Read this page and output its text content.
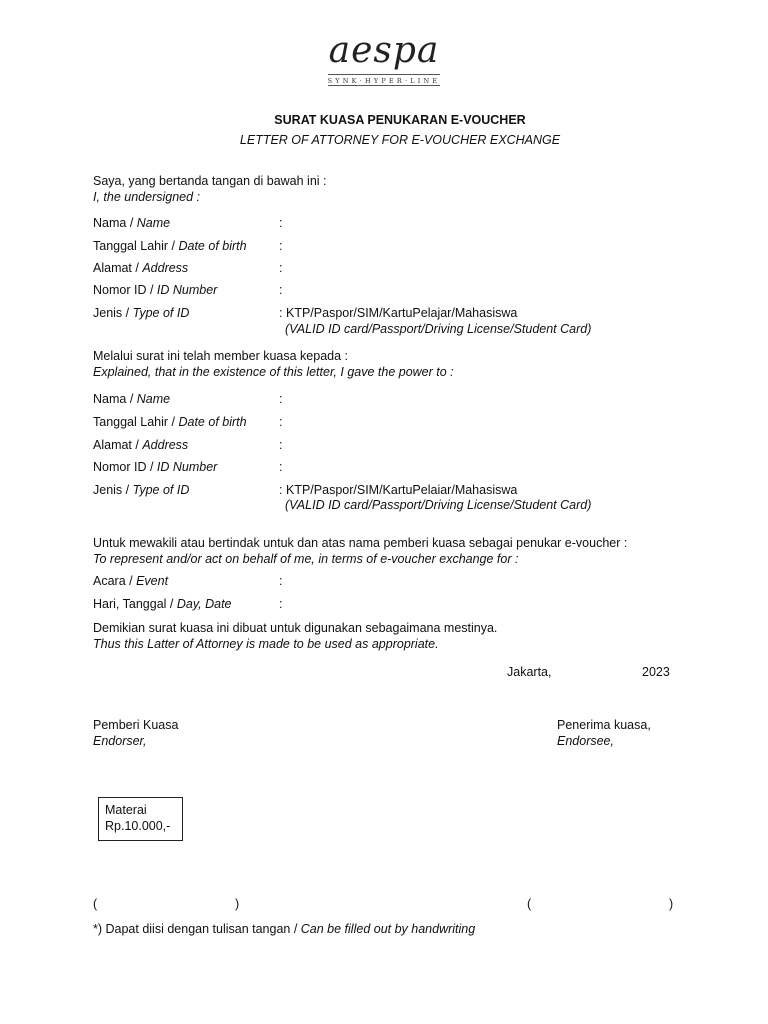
aespa
SYNK·HYPER·LINE
SURAT KUASA PENUKARAN E-VOUCHER
LETTER OF ATTORNEY FOR E-VOUCHER EXCHANGE
Saya, yang bertanda tangan di bawah ini :
I, the undersigned :
Nama / Name	:
Tanggal Lahir / Date of birth	:
Alamat / Address	:
Nomor ID / ID Number	:
Jenis / Type of ID	: KTP/Paspor/SIM/KartuPelajar/Mahasiswa
(VALID ID card/Passport/Driving License/Student Card)
Melalui surat ini telah member kuasa kepada :
Explained, that in the existence of this letter, I gave the power to :
Nama / Name	:
Tanggal Lahir / Date of birth	:
Alamat / Address	:
Nomor ID / ID Number	:
Jenis / Type of ID	: KTP/Paspor/SIM/KartuPelaiar/Mahasiswa
(VALID ID card/Passport/Driving License/Student Card)
Untuk mewakili atau bertindak untuk dan atas nama pemberi kuasa sebagai penukar e-voucher :
To represent and/or act on behalf of me, in terms of e-voucher exchange for :
Acara / Event	:
Hari, Tanggal / Day, Date	:
Demikian surat kuasa ini dibuat untuk digunakan sebagaimana mestinya.
Thus this Latter of Attorney is made to be used as appropriate.
Jakarta,	2023
Pemberi Kuasa
Endorser,
Penerima kuasa,
Endorsee,
Materai
Rp.10.000,-
(	)	(	)
*) Dapat diisi dengan tulisan tangan / Can be filled out by handwriting
